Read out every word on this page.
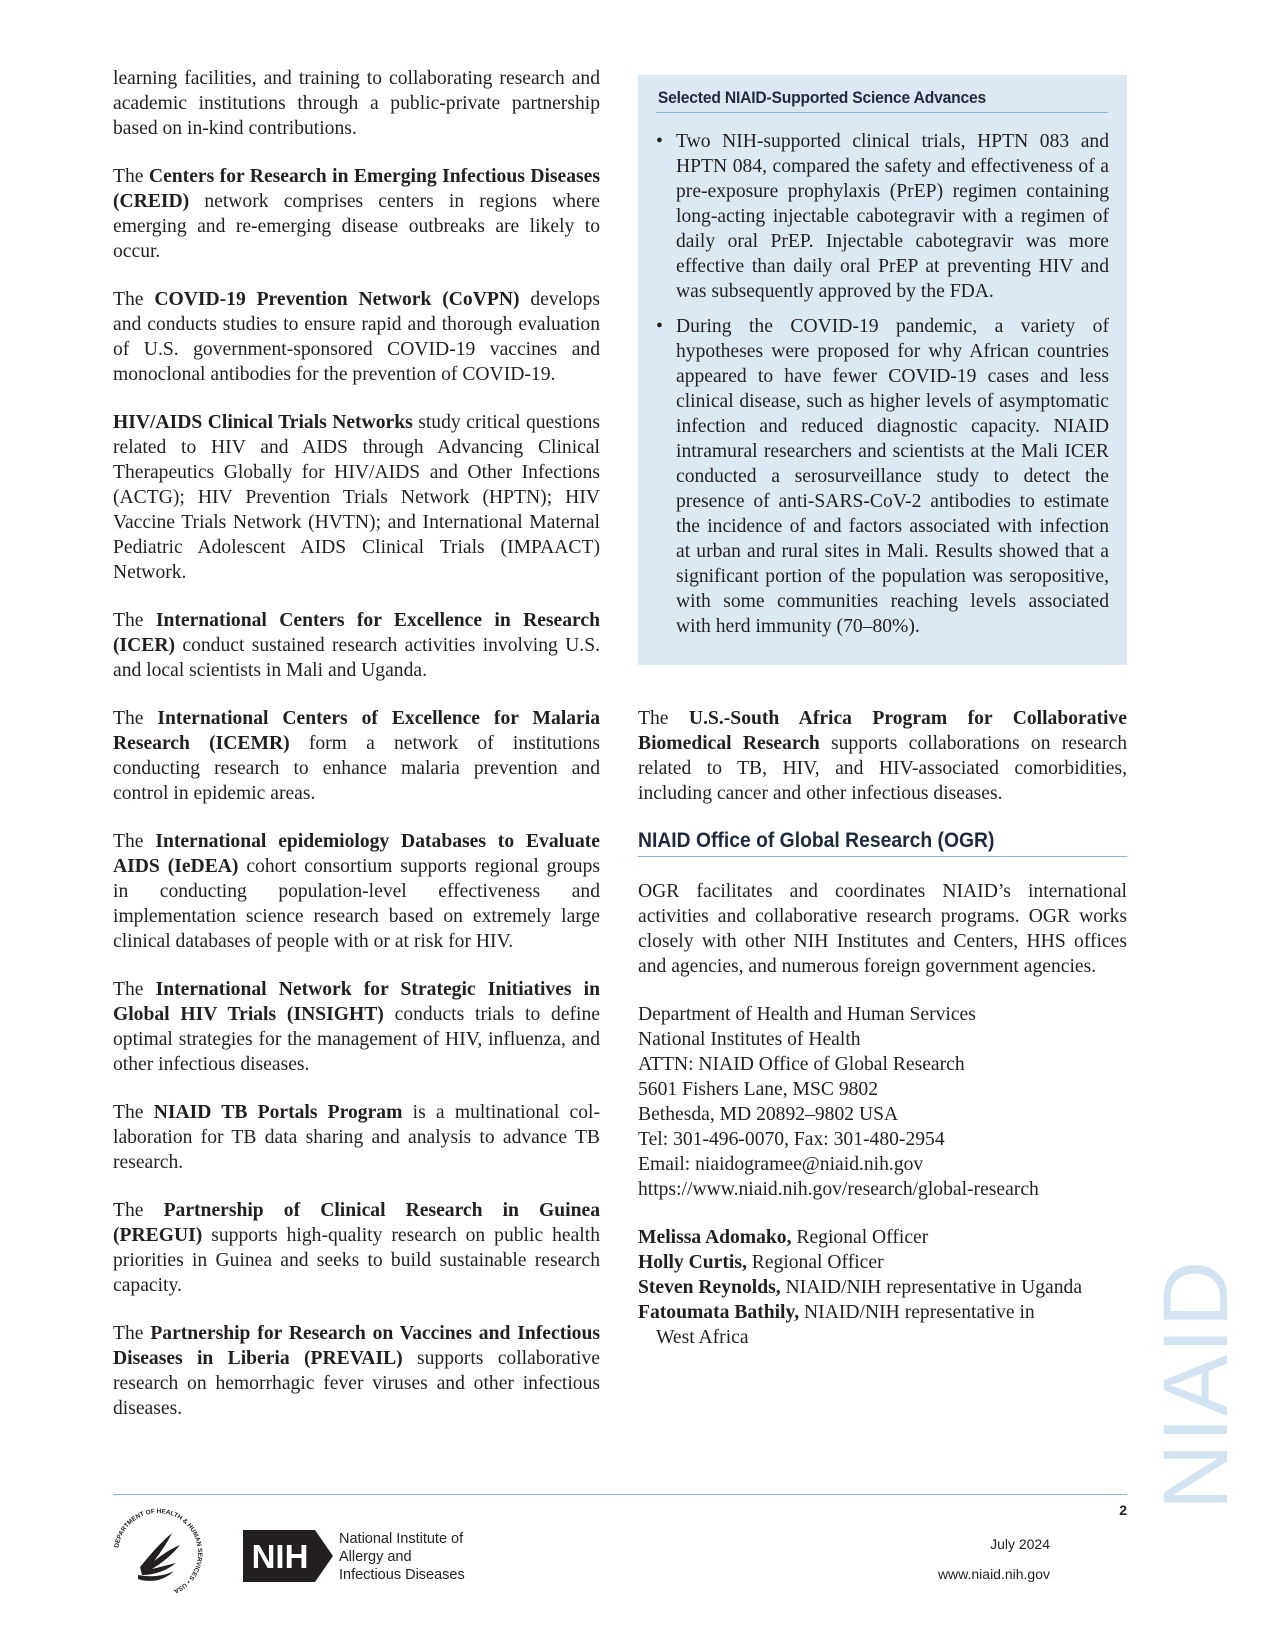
learning facilities, and training to collaborating research and academic institutions through a public-private partnership based on in-kind contributions.

The Centers for Research in Emerging Infectious Diseases (CREID) network comprises centers in regions where emerging and re-emerging disease outbreaks are likely to occur.

The COVID-19 Prevention Network (CoVPN) develops and conducts studies to ensure rapid and thorough evaluation of U.S. government-sponsored COVID-19 vaccines and monoclonal antibodies for the prevention of COVID-19.

HIV/AIDS Clinical Trials Networks study critical questions related to HIV and AIDS through Advancing Clinical Therapeutics Globally for HIV/AIDS and Other Infections (ACTG); HIV Prevention Trials Network (HPTN); HIV Vaccine Trials Network (HVTN); and International Maternal Pediatric Adolescent AIDS Clinical Trials (IMPAACT) Network.

The International Centers for Excellence in Research (ICER) conduct sustained research activities involving U.S. and local scientists in Mali and Uganda.

The International Centers of Excellence for Malaria Research (ICEMR) form a network of institutions conducting research to enhance malaria prevention and control in epidemic areas.

The International epidemiology Databases to Evaluate AIDS (IeDEA) cohort consortium supports regional groups in conducting population-level effectiveness and implementation science research based on extremely large clinical databases of people with or at risk for HIV.

The International Network for Strategic Initiatives in Global HIV Trials (INSIGHT) conducts trials to define optimal strategies for the management of HIV, influenza, and other infectious diseases.

The NIAID TB Portals Program is a multinational collaboration for TB data sharing and analysis to advance TB research.

The Partnership of Clinical Research in Guinea (PREGUI) supports high-quality research on public health priorities in Guinea and seeks to build sustainable research capacity.

The Partnership for Research on Vaccines and Infectious Diseases in Liberia (PREVAIL) supports collaborative research on hemorrhagic fever viruses and other infectious diseases.

Selected NIAID-Supported Science Advances
• Two NIH-supported clinical trials, HPTN 083 and HPTN 084, compared the safety and effectiveness of a pre-exposure prophylaxis (PrEP) regimen containing long-acting injectable cabotegravir with a regimen of daily oral PrEP. Injectable cabotegravir was more effective than daily oral PrEP at preventing HIV and was subsequently approved by the FDA.
• During the COVID-19 pandemic, a variety of hypotheses were proposed for why African countries appeared to have fewer COVID-19 cases and less clinical disease, such as higher levels of asymptomatic infection and reduced diagnostic capacity. NIAID intramural researchers and scientists at the Mali ICER conducted a serosurveillance study to detect the presence of anti-SARS-CoV-2 antibodies to estimate the incidence of and factors associated with infection at urban and rural sites in Mali. Results showed that a significant portion of the population was seropositive, with some communities reaching levels associated with herd immunity (70–80%).

The U.S.-South Africa Program for Collaborative Biomedical Research supports collaborations on research related to TB, HIV, and HIV-associated comorbidities, including cancer and other infectious diseases.

NIAID Office of Global Research (OGR)

OGR facilitates and coordinates NIAID’s international activities and collaborative research programs. OGR works closely with other NIH Institutes and Centers, HHS offices and agencies, and numerous foreign government agencies.

Department of Health and Human Services
National Institutes of Health
ATTN: NIAID Office of Global Research
5601 Fishers Lane, MSC 9802
Bethesda, MD 20892–9802 USA
Tel: 301-496-0070, Fax: 301-480-2954
Email: niaidogramee@niaid.nih.gov
https://www.niaid.nih.gov/research/global-research
Melissa Adomako, Regional Officer
Holly Curtis, Regional Officer
Steven Reynolds, NIAID/NIH representative in Uganda
Fatoumata Bathily, NIAID/NIH representative in
West Africa	NIAID
2
July 2024
www.niaid.nih.gov
DEPARTMENT OF HEALTH & HUMAN SERVICES • USA
NIH National Institute of
Allergy and
Infectious Diseases
